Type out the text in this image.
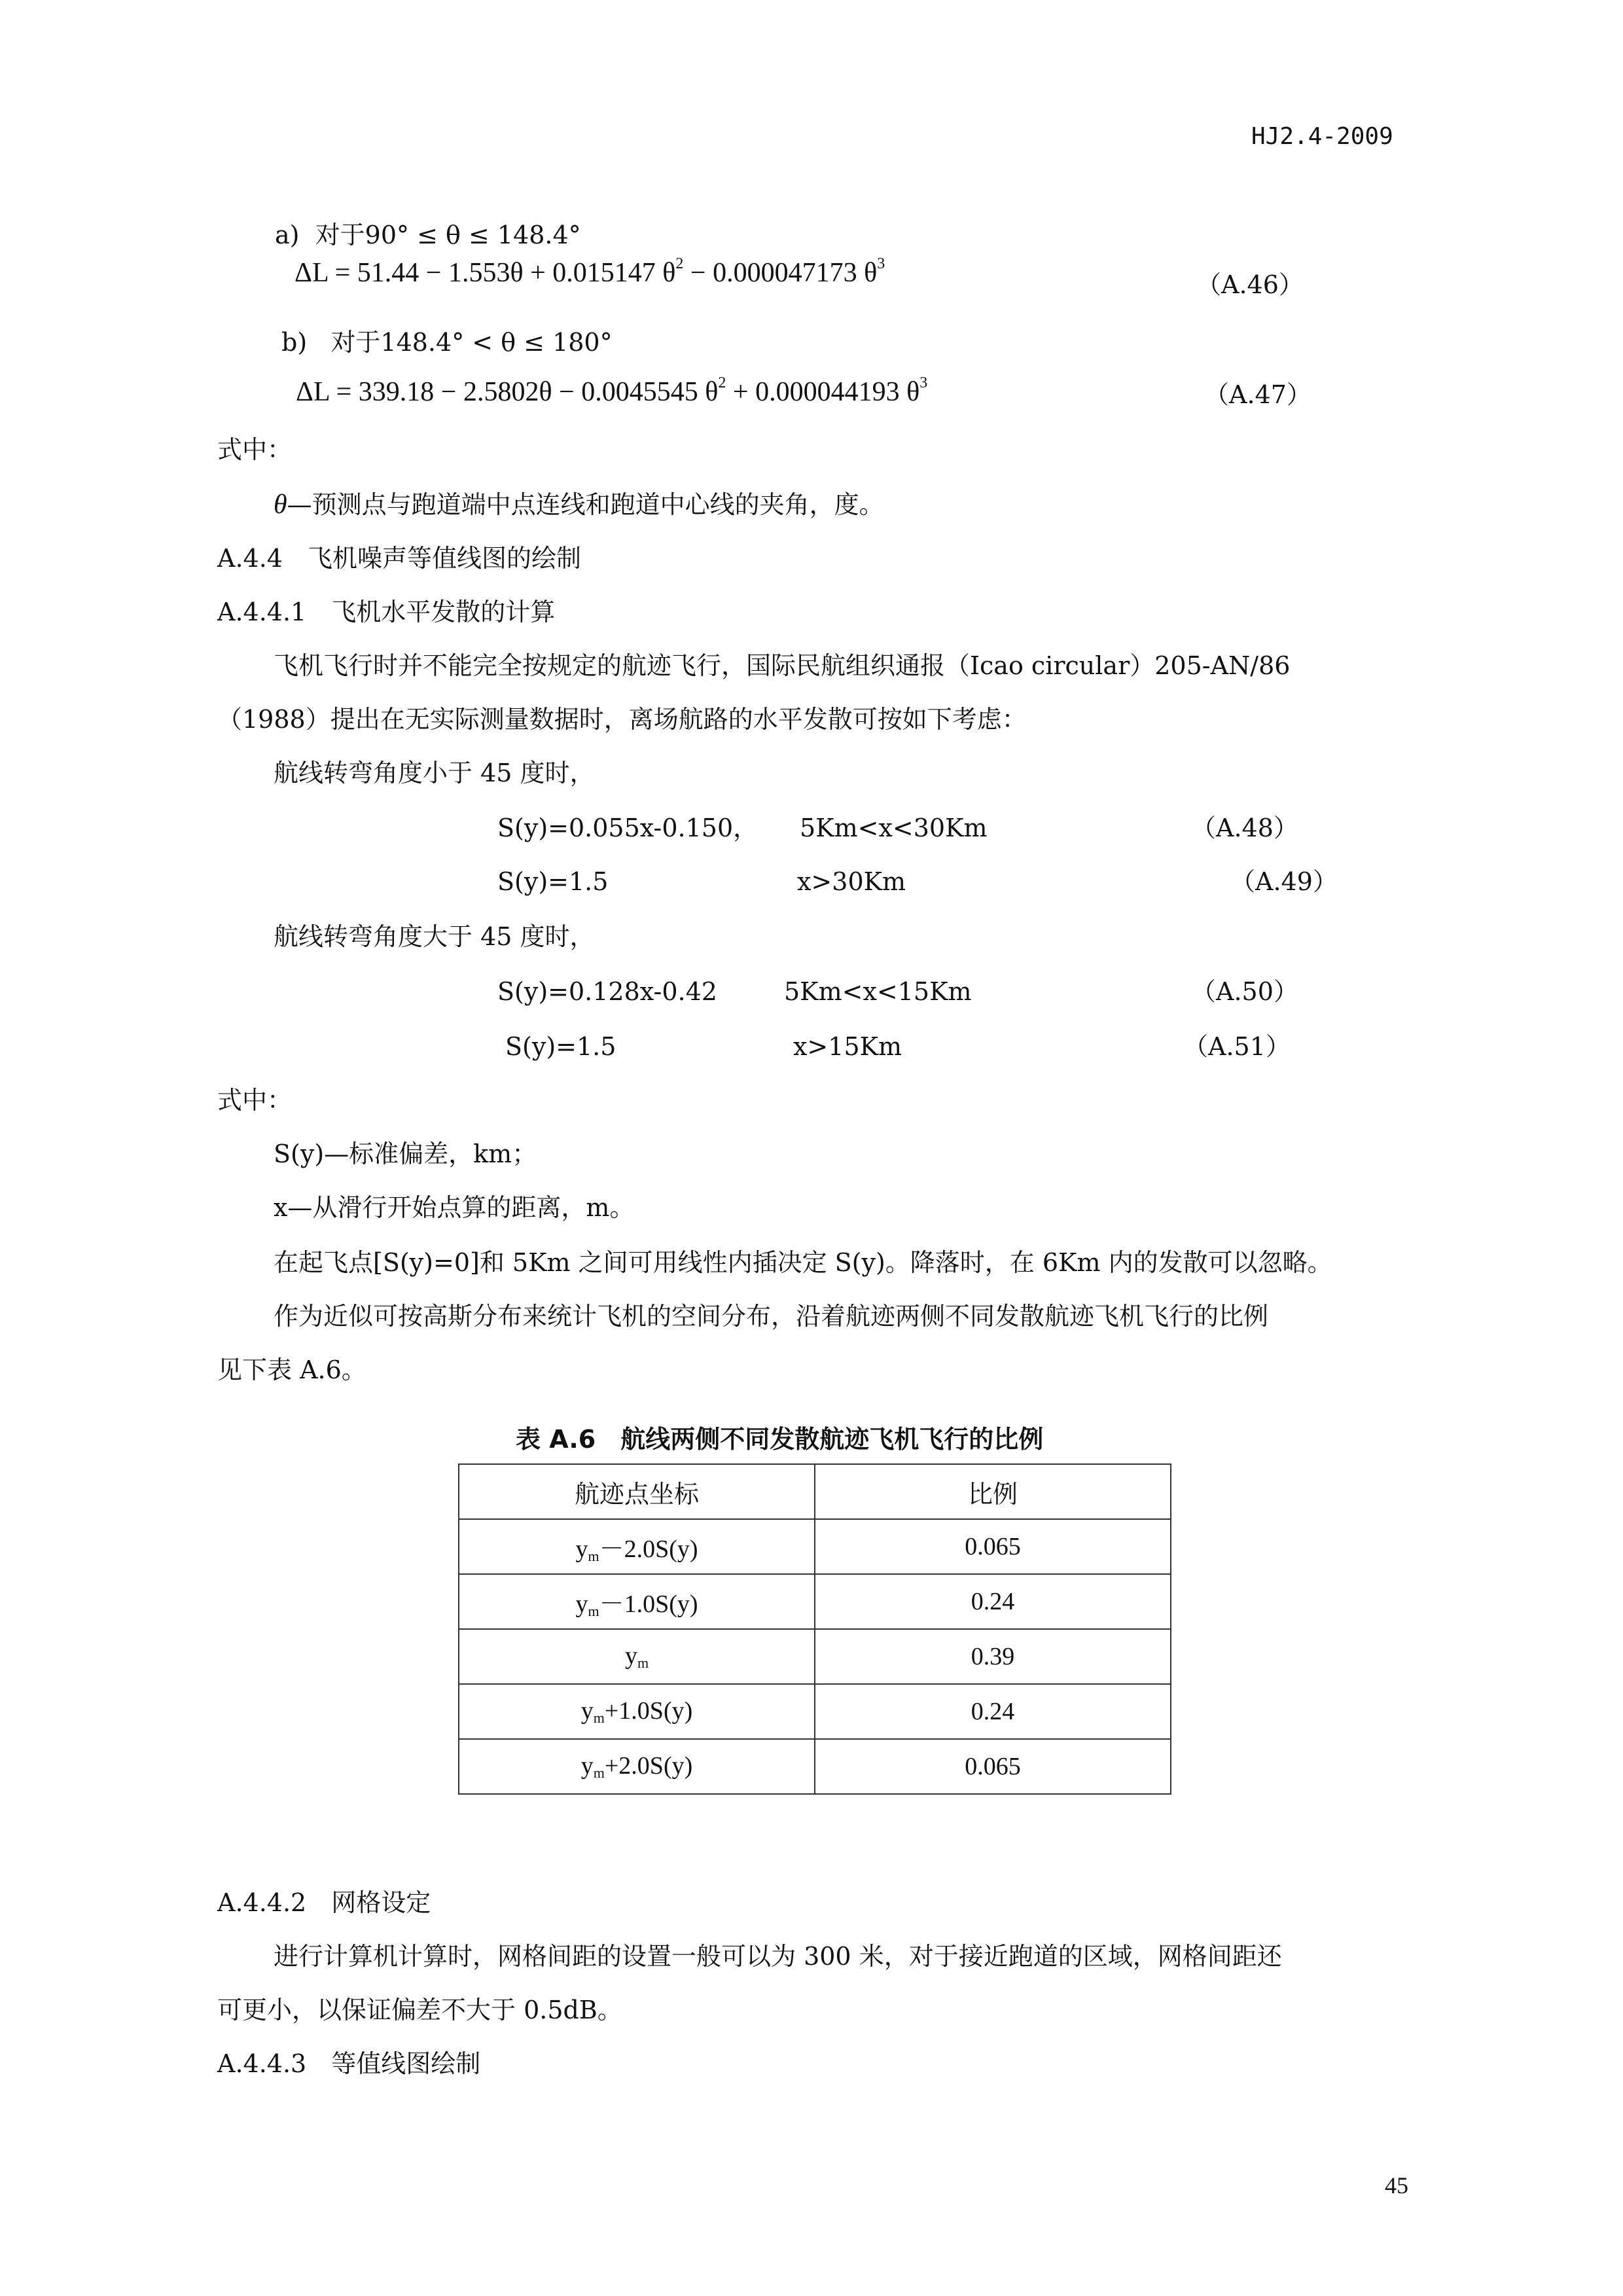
HJ2.4-2009
a) 对于90° ≤ θ ≤ 148.4°
ΔL = 51.44 − 1.553θ + 0.015147 $\theta^2 - 0.000047173$ $\theta^3$
（A.46）
b) 对于148.4° < θ ≤ 180°
ΔL = 339.18 − 2.5802θ − 0.0045545 $\theta^2 + 0.000044193$ $\theta^3$	（A.47）
式中：
θ—预测点与跑道端中点连线和跑道中心线的夹角，度。
A.4.4　飞机噪声等值线图的绘制
A.4.4.1　飞机水平发散的计算
飞机飞行时并不能完全按规定的航迹飞行，国际民航组织通报（Icao circular）205-AN/86
（1988）提出在无实际测量数据时，离场航路的水平发散可按如下考虑：
航线转弯角度小于 45 度时，
S(y)=0.055x-0.150， 5Km<x<30Km	（A.48）
S(y)=1.5	x>30Km	（A.49）
航线转弯角度大于 45 度时，
S(y)=0.128x-0.42	5Km<x<15Km	（A.50）
S(y)=1.5	x>15Km	（A.51）
式中：
S(y)—标准偏差，km；
x—从滑行开始点算的距离，m。
在起飞点[S(y)=0]和 5Km 之间可用线性内插决定 S(y)。降落时，在 6Km 内的发散可以忽略。
作为近似可按高斯分布来统计飞机的空间分布，沿着航迹两侧不同发散航迹飞机飞行的比例
见下表 A.6。
表 A.6　航线两侧不同发散航迹飞机飞行的比例
航迹点坐标	比例
$y_m-2.0S(y)$	0.065
$y_m-1.0S(y)$	0.24
$y_m$	0.39
$y_m+1.0S(y)$	0.24
$y_m+2.0S(y)$	0.065
A.4.4.2　网格设定
进行计算机计算时，网格间距的设置一般可以为 300 米，对于接近跑道的区域，网格间距还
可更小，以保证偏差不大于 0.5dB。
A.4.4.3　等值线图绘制
45
